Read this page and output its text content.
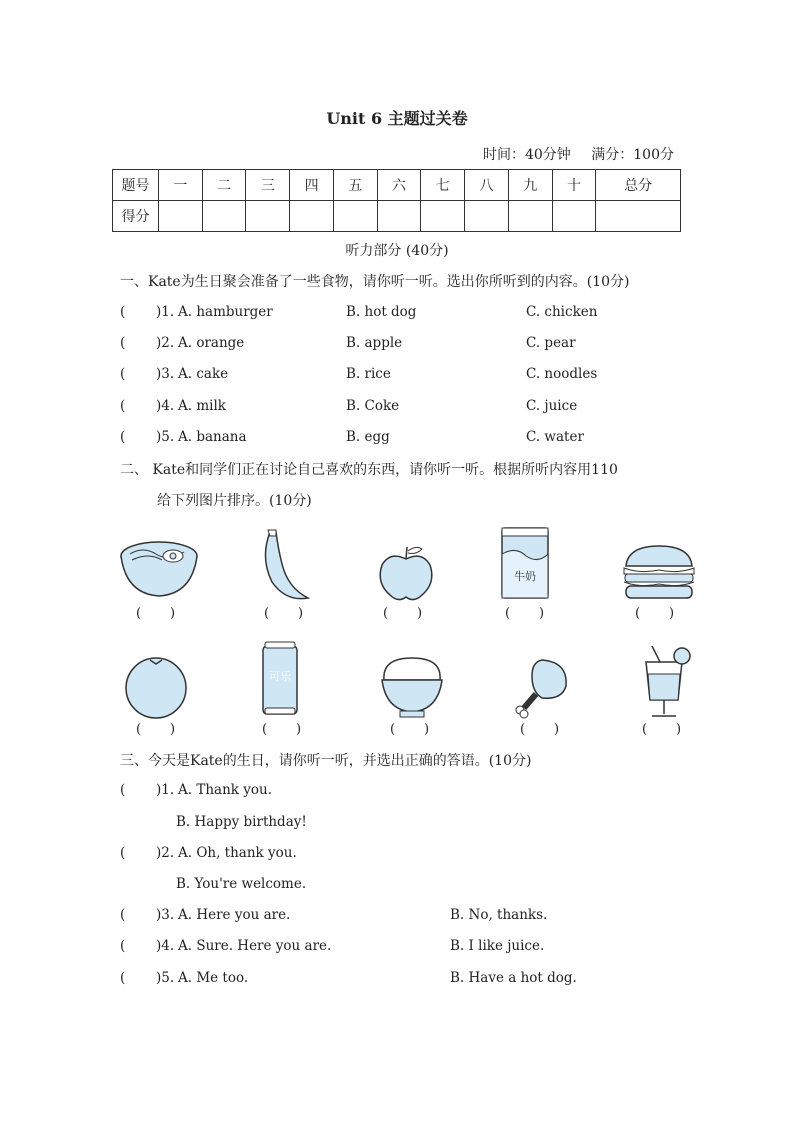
Unit 6 主题过关卷
时间：40分钟 满分：100分
题号	一	二	三	四	五	六	七	八	九	十	总分
得分											
听力部分 (40分)
一、Kate为生日聚会准备了一些食物，请你听一听。选出你所听到的内容。(10分)
( )1. A. hamburger	B. hot dog	C. chicken
( )2. A. orange	B. apple	C. pear
( )3. A. cake	B. rice	C. noodles
( )4. A. milk	B. Coke	C. juice
( )5. A. banana	B. egg	C. water
二、 Kate和同学们正在讨论自己喜欢的东西，请你听一听。根据所听内容用110
给下列图片排序。(10分)
牛奶
(       )	(       )	(       )	(       )	(       )
可乐
(       )	(       )	(       )	(       )	(       )
三、今天是Kate的生日，请你听一听，并选出正确的答语。(10分)
( )1. A. Thank you.
B. Happy birthday!
( )2. A. Oh, thank you.
B. You're welcome.
( )3. A. Here you are.	B. No, thanks.
( )4. A. Sure. Here you are.	B. I like juice.
( )5. A. Me too.	B. Have a hot dog.
